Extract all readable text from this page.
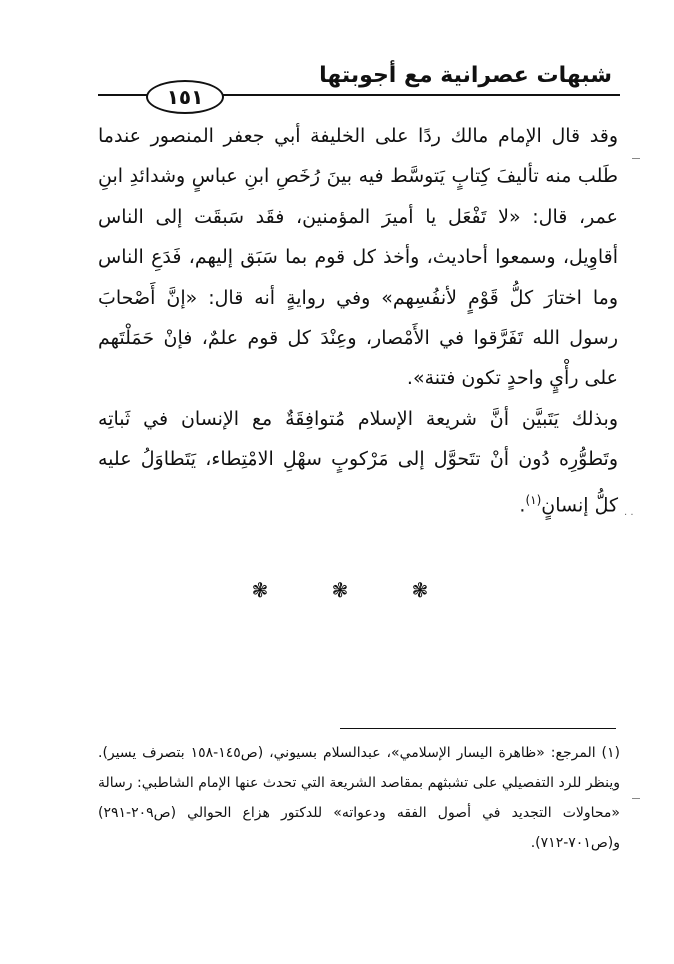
شبهات عصرانية مع أجوبتها
١٥١

وقد قال الإمام مالك ردًا على الخليفة أبي جعفر المنصور عندما طَلب منه تأليفَ كِتابٍ يَتوسَّط فيه بينَ رُخَصِ ابنِ عباسٍ وشدائدِ ابنِ عمر، قال: «لا تَفْعَل يا أميرَ المؤمنين، فقَد سَبقَت إلى الناس أقاوِيل، وسمعوا أحاديث، وأخذ كل قوم بما سَبَق إليهم، فَدَعِ الناس وما اختارَ كلُّ قَوْمٍ لأنفُسِهم» وفي روايةٍ أنه قال: «إنَّ أَصْحابَ رسول الله تَفَرَّقوا في الأَمْصار، وعِنْدَ كل قوم علمٌ، فإنْ حَمَلْتَهم على رأْيٍ واحدٍ تكون فتنة».

وبذلك يَتَبيَّن أنَّ شريعة الإسلام مُتوافِقَةٌ مع الإنسان في ثَباتِه وتَطوُّرِه دُون أنْ تتَحوَّل إلى مَرْكوبٍ سهْلِ الامْتِطاء، يَتَطاوَلُ عليه كلُّ إنسانٍ$^{(١)}$.

❃	❃	❃

(١) المرجع: «ظاهرة اليسار الإسلامي»، عبدالسلام بسيوني، (ص١٤٥-١٥٨ بتصرف يسير). وينظر للرد التفصيلي على تشبثهم بمقاصد الشريعة التي تحدث عنها الإمام الشاطبي: رسالة «محاولات التجديد في أصول الفقه ودعواته» للدكتور هزاع الحوالي (ص٢٠٩-٢٩١) و(ص٧٠١-٧١٢).

· ·
